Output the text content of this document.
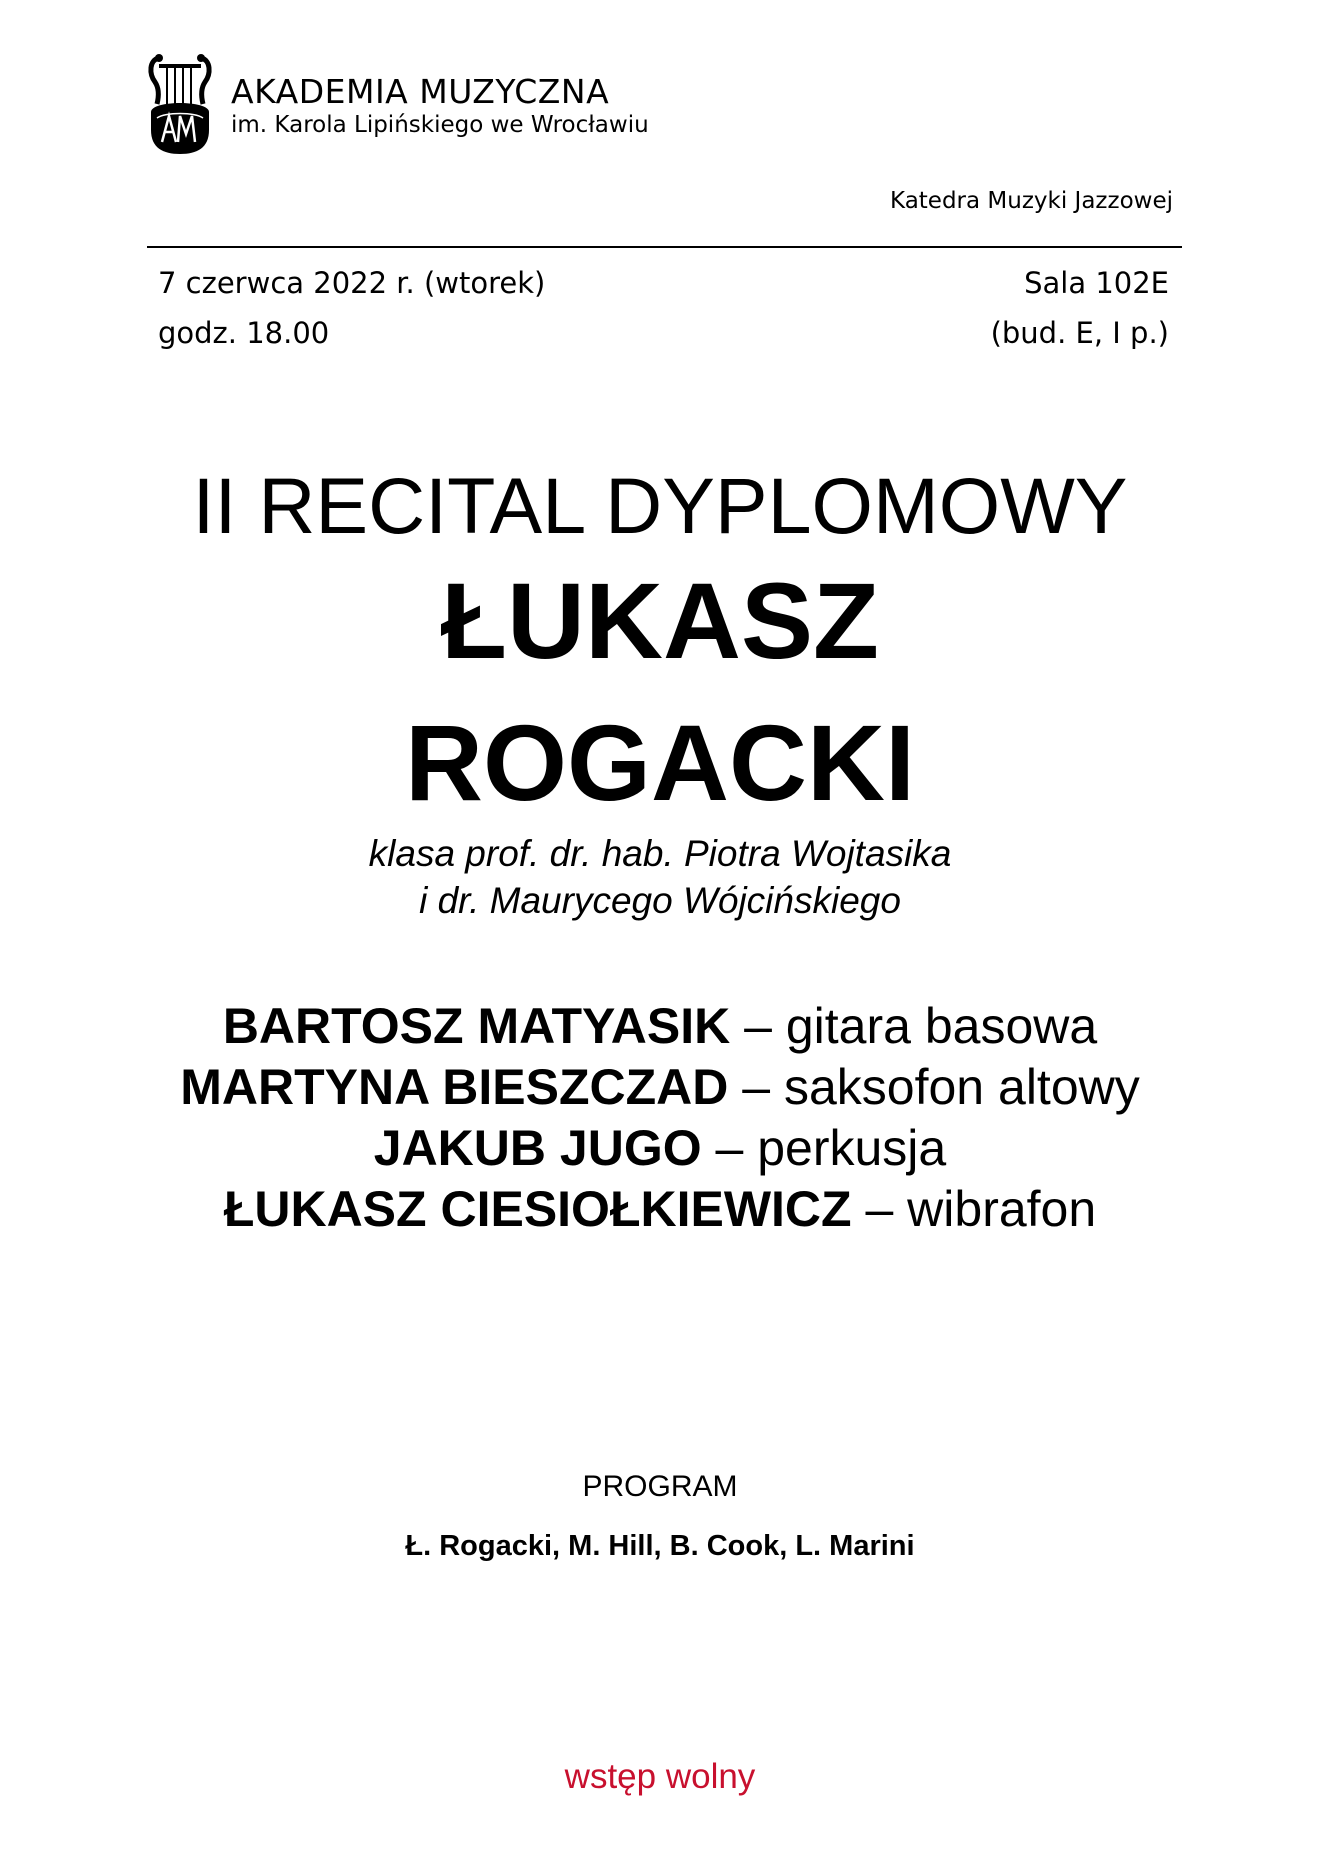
AKADEMIA MUZYCZNA
im. Karola Lipińskiego we Wrocławiu
Katedra Muzyki Jazzowej
7 czerwca 2022 r. (wtorek)
godz. 18.00
Sala 102E
(bud. E, I p.)
II RECITAL DYPLOMOWY
ŁUKASZ
ROGACKI
klasa prof. dr. hab. Piotra Wojtasika
i dr. Maurycego Wójcińskiego
BARTOSZ MATYASIK – gitara basowa
MARTYNA BIESZCZAD – saksofon altowy
JAKUB JUGO – perkusja
ŁUKASZ CIESIOŁKIEWICZ – wibrafon
PROGRAM
Ł. Rogacki, M. Hill, B. Cook, L. Marini
wstęp wolny
